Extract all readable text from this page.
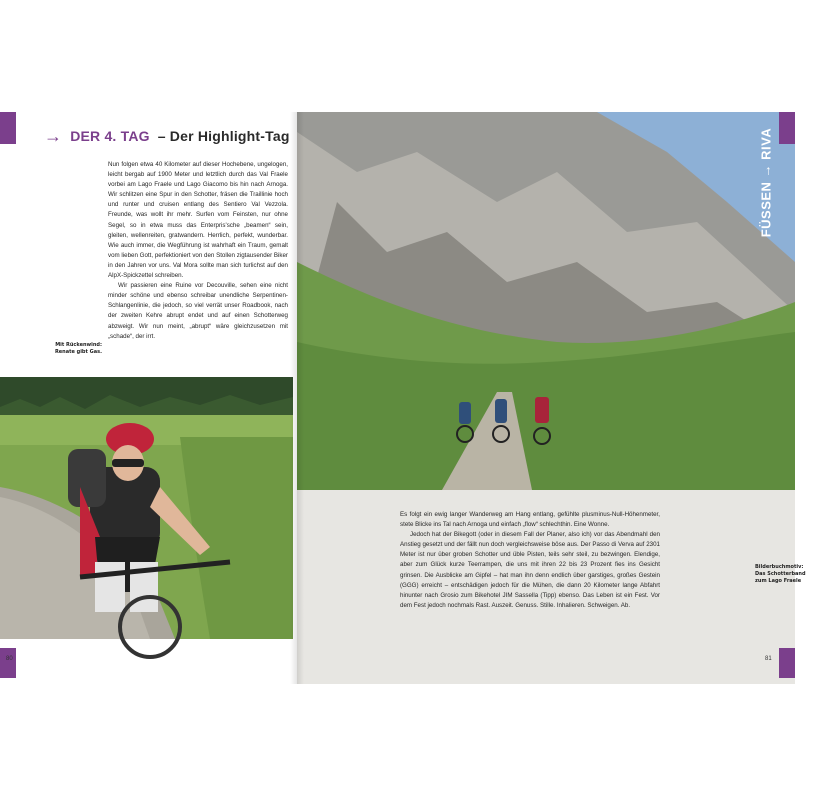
→ DER 4. TAG – Der Highlight-Tag

Nun folgen etwa 40 Kilometer auf dieser Hochebene, ungelogen, leicht bergab auf 1900 Meter und letztlich durch das Val Fraele vorbei am Lago Fraele und Lago Giacomo bis hin nach Arnoga. Wir schlitzen eine Spur in den Schotter, fräsen die Traillinie hoch und runter und cruisen entlang des Sentiero Val Vezzola. Freunde, was wollt ihr mehr. Surfen vom Feinsten, nur ohne Segel, so in etwa muss das Enterpris'sche „beamen“ sein, gleiten, wellenreiten, gratwandern. Herrlich, perfekt, wunderbar. Wie auch immer, die Wegführung ist wahrhaft ein Traum, gemalt vom lieben Gott, perfektioniert von den Stollen zigtausender Biker in den Jahren vor uns. Val Mora sollte man sich turlichst auf den AlpX-Spickzettel schreiben.

Wir passieren eine Ruine vor Decouville, sehen eine nicht minder schöne und ebenso schreibar unendliche Serpentinen-Schlangenlinie, die jedoch, so viel verrät unser Roadbook, nach der zweiten Kehre abrupt endet und auf einen Schotterweg abzweigt. Wir nun meint, „abrupt“ wäre gleichzusetzen mit „schade“, der irrt.

Mit Rückenwind: Renate gibt Gas.
80
FÜSSEN → RIVA
Bilderbuchmotiv: Das Schotterband zum Lago Fraele
81

Es folgt ein ewig langer Wanderweg am Hang entlang, gefühlte plusminus-Null-Höhenmeter, stete Blicke ins Tal nach Arnoga und einfach „flow“ schlechthin. Eine Wonne.

Jedoch hat der Bikegott (oder in diesem Fall der Planer, also ich) vor das Abendmahl den Anstieg gesetzt und der fällt nun doch vergleichsweise böse aus. Der Passo di Verva auf 2301 Meter ist nur über groben Schotter und üble Pisten, teils sehr steil, zu bezwingen. Elendige, aber zum Glück kurze Teerrampen, die uns mit ihren 22 bis 23 Prozent fies ins Gesicht grinsen. Die Ausblicke am Gipfel – hat man ihn denn endlich über garstiges, großes Gestein (GGG) erreicht – entschädigen jedoch für die Mühen, die dann 20 Kilometer lange Abfahrt hinunter nach Grosio zum Bikehotel JIM Sassella (Tipp) ebenso. Das Leben ist ein Fest. Vor dem Fest jedoch nochmals Rast. Auszeit. Genuss. Stille. Inhalieren. Schweigen. Ab.
